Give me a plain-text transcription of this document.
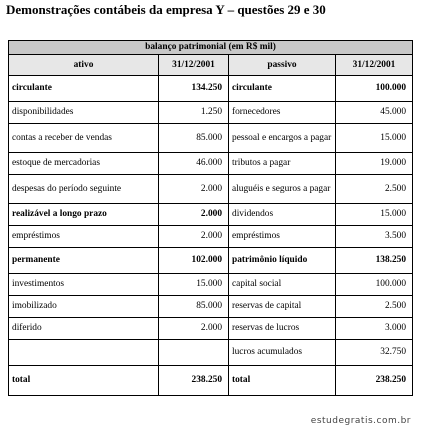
Demonstrações contábeis da empresa Y – questões 29 e 30
balanço patrimonial (em R$ mil)			
ativo	31/12/2001	passivo	31/12/2001
circulante	134.250	circulante	100.000
disponibilidades	1.250	fornecedores	45.000
contas a receber de vendas	85.000	pessoal e encargos a pagar	15.000
estoque de mercadorias	46.000	tributos a pagar	19.000
despesas do período seguinte	2.000	aluguéis e seguros a pagar	2.500
realizável a longo prazo	2.000	dividendos	15.000
empréstimos	2.000	empréstimos	3.500
permanente	102.000	patrimônio líquido	138.250
investimentos	15.000	capital social	100.000
imobilizado	85.000	reservas de capital	2.500
diferido	2.000	reservas de lucros	3.000
		lucros acumulados	32.750
total	238.250	total	238.250
estudegratis.com.br
